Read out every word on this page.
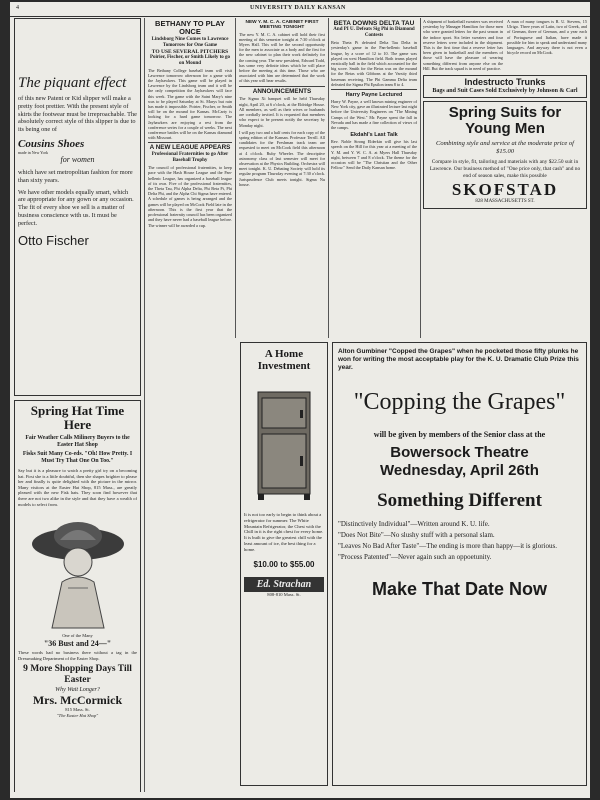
4	UNIVERSITY DAILY KANSAN
The piquant effect
of this new Patent or Kid slipper will make a pretty foot prettier. With the present style of skirts the footwear must be irreproachable. The absolutely correct style of this slipper is due to its being one of
Cousins Shoes
made in New York
for women
which have set metropolitan fashion for more than sixty years.
We have other models equally smart, which are appropriate for any gown or any occasion. The fit of every shoe we sell is a matter of business conscience with us. It must be perfect.
Otto Fischer
Spring Hat Time Here
Fair Weather Calls Milinery Buyers to the Easter Hat Shop
Fisks Suit Many Co-eds. "Oh! How Pretty. I Must Try That One On Too."
Say but it is a pleasure to watch a pretty girl try on a becoming hat. First she is a little doubtful, then she shapes brighter to please her and finally is quite delighted with the picture in the mirror. Many visitors at the Easter Hat Shop, 815 Mass., are greatly pleased with the new Fisk hats. They soon find however that there are not two alike in the style and that they have a wealth of models to select from.
One of the Many
"36 Bust and 24—"
These words had no business there without a tag in the Dressmaking Department of the Easter Shop.
9 More Shopping Days Till Easter
Why Wait Longer?
Mrs. McCormick
815 Mass. St.
"The Easter Hat Shop"
BETHANY TO PLAY ONCE
Lindsborg Nine Comes to Lawrence Tomorrow for One Game
TO USE SEVERAL PITCHERS
Poirier, Fischer, or Smith Likely to go on Mound
The Bethany College baseball team will visit Lawrence tomorrow afternoon for a game with the Jayhawkers. This game will be played in Lawrence by the Lindsborg team and it will be the only competition the Jayhawkers will face this week. The game with the Saint Mary's nine was to be played Saturday at St. Marys but rain has made it impossible. Poirier, Fischer, or Smith will be on the mound for Kansas. McCarty is looking for a hard game tomorrow. The Jayhawkers are enjoying a rest from the conference series for a couple of weeks. The next conference battles will be on the Kansas diamond with Missouri.
A NEW LEAGUE APPEARS
Professional Fraternities to go After Baseball Trophy
The council of professional fraternities, to keep pace with the Hash House League and the Pan-hellenic League, has organized a baseball league of its own. Five of the professional fraternities, the Theta Tau, Phi Alpha Delta, Phi Beta Pi, Phi Delta Phi, and the Alpha Chi Sigma have entered. A schedule of games is being arranged and the games will be played on McCook Field late in the afternoon. This is the first year that the professional fraternity council has been organized and they have never had a baseball league before. The winner will be awarded a cup.
NEW Y. M. C. A. CABINET FIRST MEETING TONIGHT
The new Y. M. C. A. cabinet will hold their first meeting of this semester tonight at 7:30 o'clock at Myers Hall. This will be the second opportunity for the men to associate as a body and the first for the new cabinet to plan their work definitely for the coming year. The new president, Edward Todd, has some very definite ideas which he will place before the meeting at this time. Those who are associated with him are determined that the work of this year will bear results.
ANNOUNCEMENTS
The Sigma Xi banquet will be held Thursday night, April 20, at 6 o'clock, at the Eldridge House. All members, as well as their wives or husbands are cordially invited. It is requested that members who expect to be present notify the secretary by Monday night.
I will pay two and a half cents for each copy of the spring edition of the Kansan. Professor Terrill. All candidates for the Freshman track team are requested to meet on McCook field this afternoon at 4 o'clock. Ruby Wheeler. The descriptive astronomy class of last semester will meet for observation at the Physics Building. Orchestra will meet tonight. K. U. Debating Society will hold its regular program Thursday evening at 7:30 o'clock. Jurisprudence Club meets tonight. Sigma Nu house.
BETA DOWNS DELTA TAU
And PI U. Defeats Sig Phi in Diamond Contests
Beta Theta Pi defeated Delta Tau Delta in yesterday's game in the Pan-hellenic baseball league, by a score of 12 to 10. The game was played on west Hamilton field. Both teams played erratically ball in the field which accounted for the big score. Smith for the Betas was on the mound for the Betas with Gibbons at the Varsity third baseman receiving. The Phi Gamma Delta team defeated the Sigma Phi Epsilon team 8 to 4.
Harry Payne Lectured
Harry W. Payne, a well known mining engineer of New York city, gave an illustrated lecture last night before the University Engineers on "The Mining Camps of the West." Mr. Payne spent the fall in Nevada and has made a fine collection of views of the camps.
Ekdahl's Last Talk
Rev. Noble Strong Elderkin will give his last speech on the Hill for this year at a meeting of the Y. M. and Y. W. C. A. at Myers Hall Thursday night, between 7 and 8 o'clock. The theme for the occasion will be "The Christian and the Other Fellow." Send the Daily Kansan home.
A shipment of basketball sweaters was received yesterday by Manager Hamilton for those men who were granted letters for the past season in the indoor sport. Six letter sweaters and four reserve letters were included in the shipment. This is the first time that a reserve letter has been given in basketball and the members of those will have the pleasure of wearing something different from anyone else on the Hill. But the track squad is in need of practice.
A man of many tongues is R. U. Stevens, 15 Ulrigo. Three years of Latin, two of Greek, and of German, three of German, and a year each of Portuguese and Italian, have made it possible for him to speak and understand many languages. And anyway there is not even a bicycle record on McCook.
Indestructo Trunks
Bags and Suit Cases Sold Exclusively by Johnson & Carl
Spring Suits for Young Men
Combining style and service at the moderate price of $15.00
Compare in style, fit, tailoring and materials with any $22.50 suit in Lawrence. Our business method of "One price only, that cash" and no end of season sales, make this possible
SKOFSTAD
828 MASSACHUSETTS ST.
A Home Investment
It is not too early to begin to think about a refrigerator for summer. The White Mountain Refrigerator, the Chest with the Chill in it is the right chest for every home. It is built to give the greatest chill with the least amount of ice, the best thing for a home.
$10.00 to $55.00
Ed. Strachan
808-810 Mass. St.
Alton Gumbiner "Copped the Grapes" when he pocketed those fifty plunks he won for writing the most acceptable play for the K. U. Dramatic Club Prize this year.
"Copping the Grapes"
will be given by members of the Senior class at the
Bowersock Theatre
Wednesday, April 26th
Something Different
"Distinctively Individual"—Written around K. U. life.
"Does Not Bite"—No slushy stuff with a personal slam.
"Leaves No Bad After Taste"—The ending is more than happy—it is glorious.
"Process Patented"—Never again such an oppoetunity.
Make That Date Now
